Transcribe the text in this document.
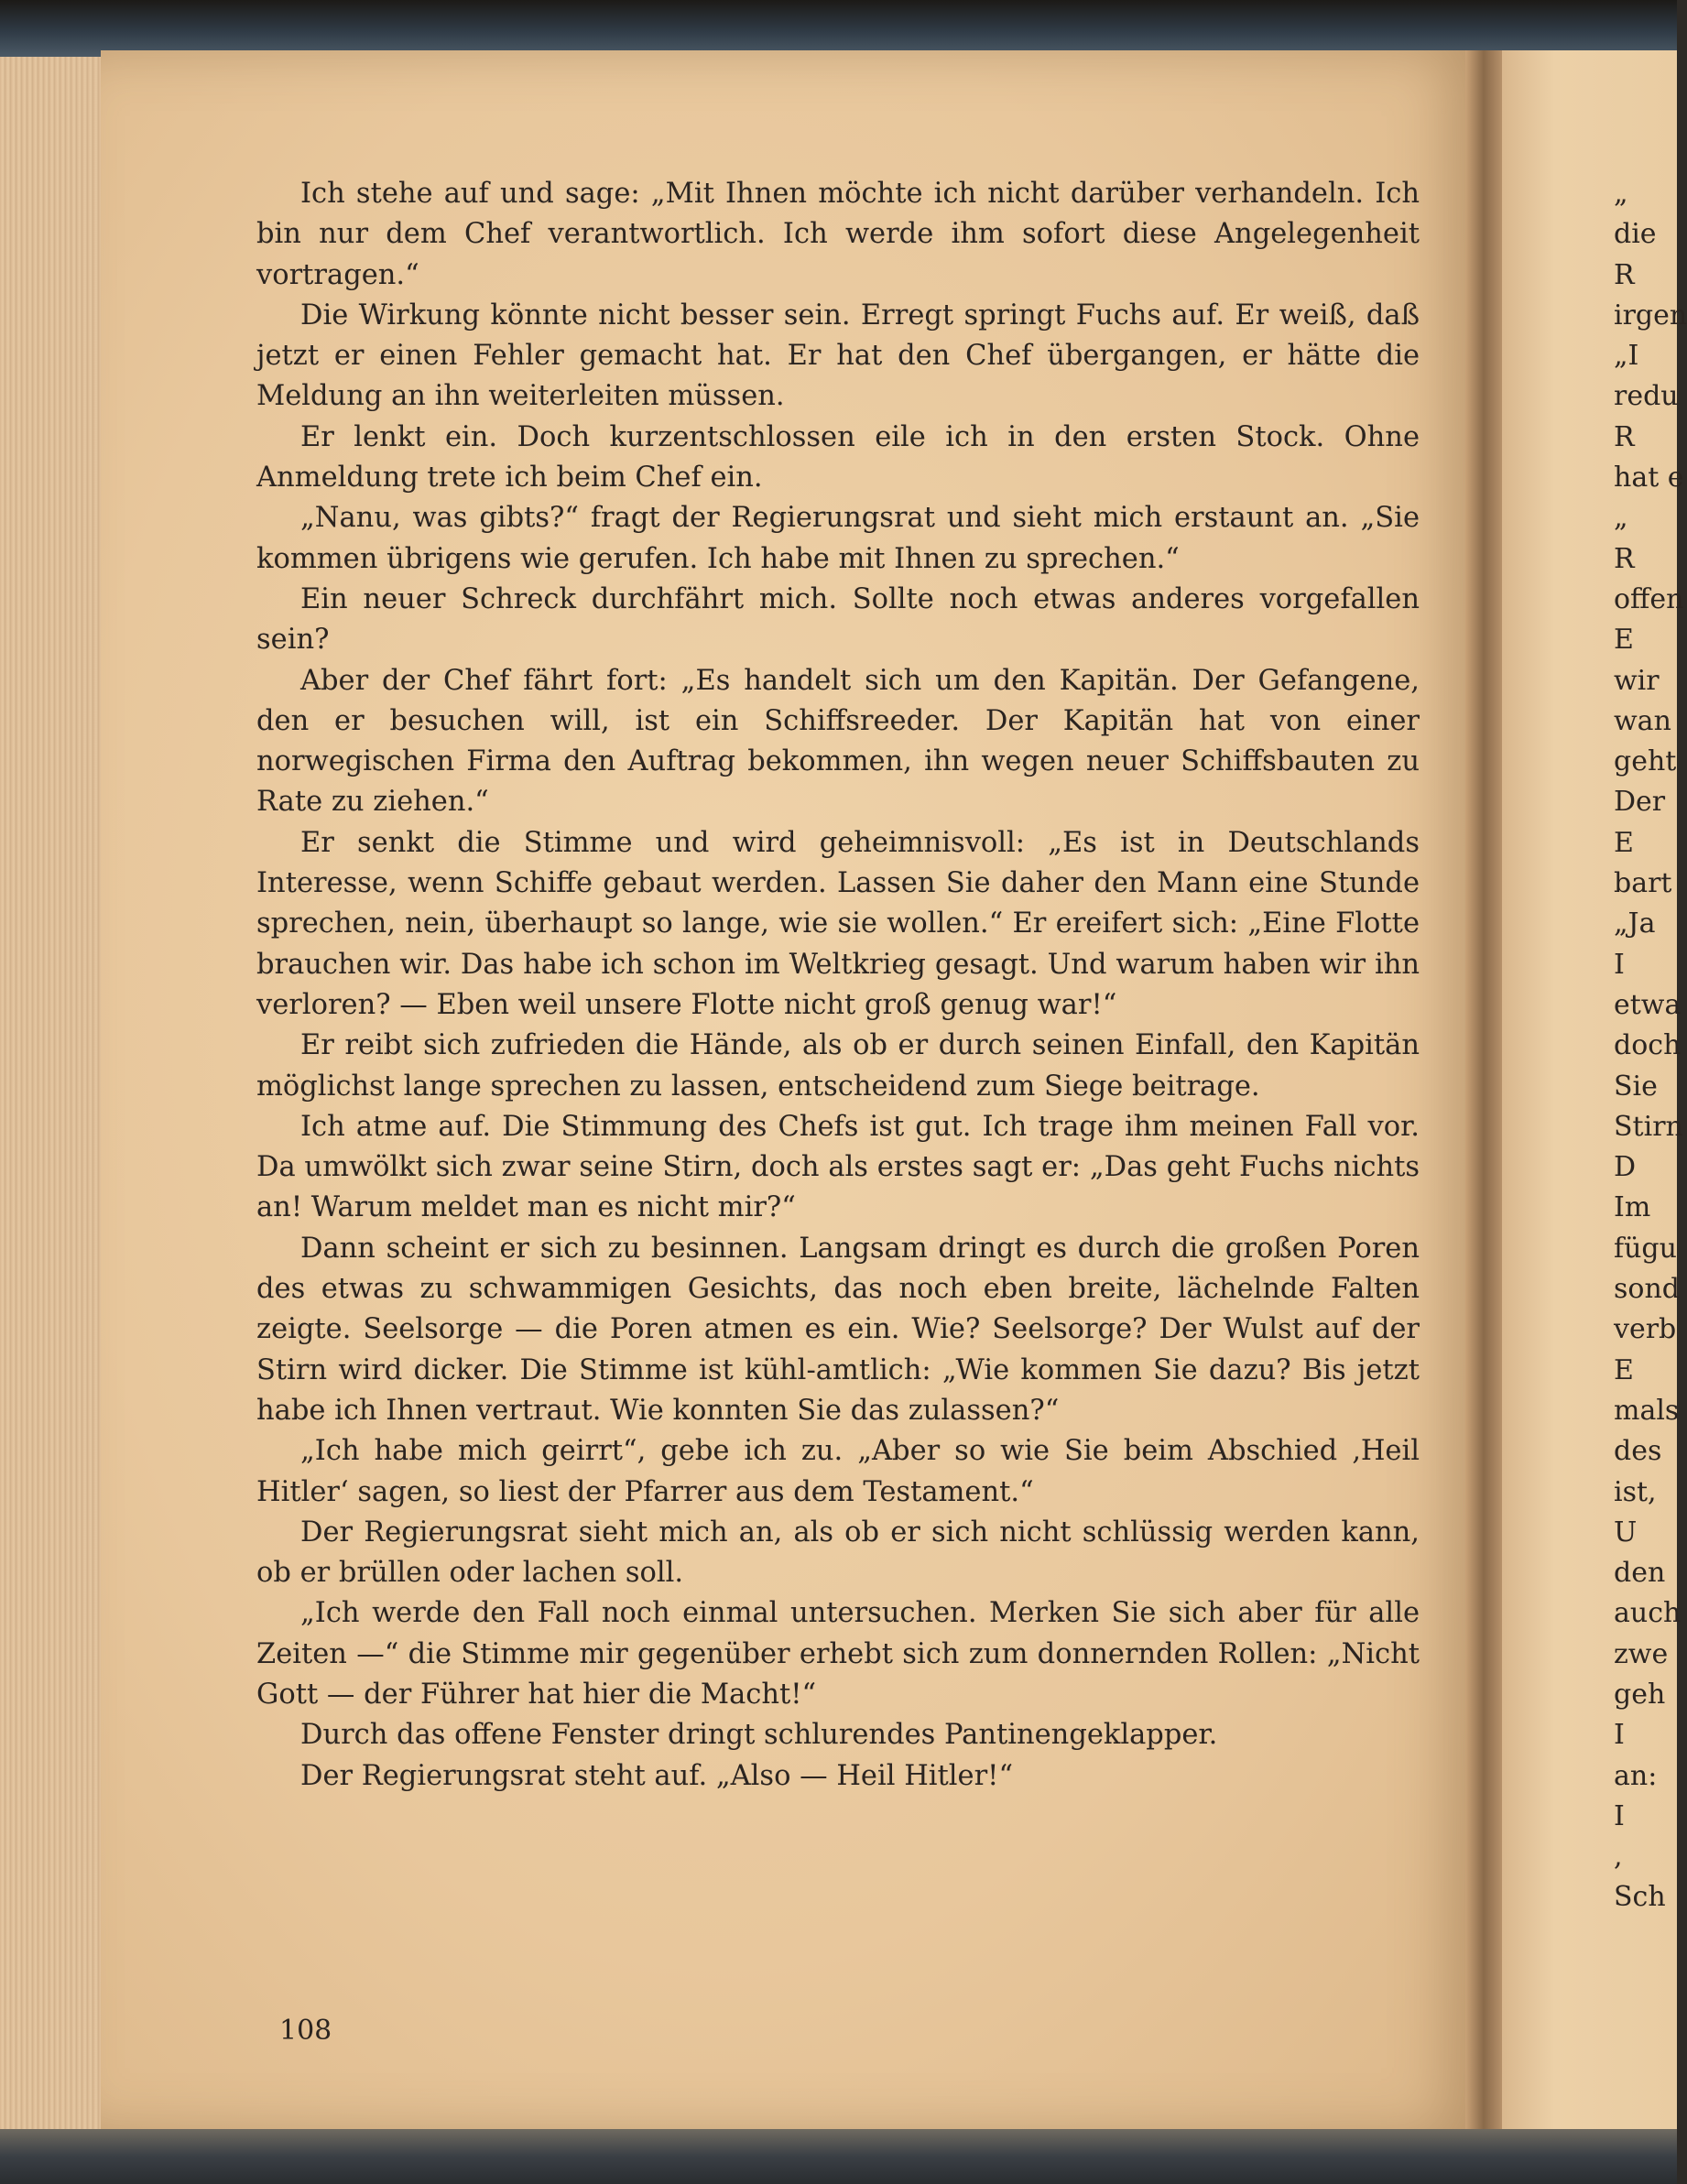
Ich stehe auf und sage: „Mit Ihnen möchte ich nicht darüber verhandeln. Ich bin nur dem Chef verantwortlich. Ich werde ihm sofort diese Angelegenheit vortragen.“

Die Wirkung könnte nicht besser sein. Erregt springt Fuchs auf. Er weiß, daß jetzt er einen Fehler gemacht hat. Er hat den Chef übergangen, er hätte die Meldung an ihn weiterleiten müssen.

Er lenkt ein. Doch kurzentschlossen eile ich in den ersten Stock. Ohne Anmeldung trete ich beim Chef ein.

„Nanu, was gibts?“ fragt der Regierungsrat und sieht mich erstaunt an. „Sie kommen übrigens wie gerufen. Ich habe mit Ihnen zu sprechen.“

Ein neuer Schreck durchfährt mich. Sollte noch etwas anderes vorgefallen sein?

Aber der Chef fährt fort: „Es handelt sich um den Kapitän. Der Gefangene, den er besuchen will, ist ein Schiffsreeder. Der Kapitän hat von einer norwegischen Firma den Auftrag bekommen, ihn wegen neuer Schiffsbauten zu Rate zu ziehen.“

Er senkt die Stimme und wird geheimnisvoll: „Es ist in Deutschlands Interesse, wenn Schiffe gebaut werden. Lassen Sie daher den Mann eine Stunde sprechen, nein, überhaupt so lange, wie sie wollen.“ Er ereifert sich: „Eine Flotte brauchen wir. Das habe ich schon im Weltkrieg gesagt. Und warum haben wir ihn verloren? — Eben weil unsere Flotte nicht groß genug war!“

Er reibt sich zufrieden die Hände, als ob er durch seinen Einfall, den Kapitän möglichst lange sprechen zu lassen, entscheidend zum Siege beitrage.

Ich atme auf. Die Stimmung des Chefs ist gut. Ich trage ihm meinen Fall vor. Da umwölkt sich zwar seine Stirn, doch als erstes sagt er: „Das geht Fuchs nichts an! Warum meldet man es nicht mir?“

Dann scheint er sich zu besinnen. Langsam dringt es durch die großen Poren des etwas zu schwammigen Gesichts, das noch eben breite, lächelnde Falten zeigte. Seelsorge — die Poren atmen es ein. Wie? Seelsorge? Der Wulst auf der Stirn wird dicker. Die Stimme ist kühl-amtlich: „Wie kommen Sie dazu? Bis jetzt habe ich Ihnen vertraut. Wie konnten Sie das zulassen?“

„Ich habe mich geirrt“, gebe ich zu. „Aber so wie Sie beim Abschied ‚Heil Hitler‘ sagen, so liest der Pfarrer aus dem Testament.“

Der Regierungsrat sieht mich an, als ob er sich nicht schlüssig werden kann, ob er brüllen oder lachen soll.

„Ich werde den Fall noch einmal untersuchen. Merken Sie sich aber für alle Zeiten —“ die Stimme mir gegenüber erhebt sich zum donnernden Rollen: „Nicht Gott — der Führer hat hier die Macht!“

Durch das offene Fenster dringt schlurendes Pantinengeklapper.

Der Regierungsrat steht auf. „Also — Heil Hitler!“

108
„
die
R
irgen
„I
redu
R
hat e
„
R
offen
E
wir
wan
geht
Der
E
bart
„Ja
I
etwa
doch
Sie
Stirn
D
Im
fügu
sond
verb
E
mals
des
ist,
U
den
auch
zwe
geh
I
an:
I
,
Sch
